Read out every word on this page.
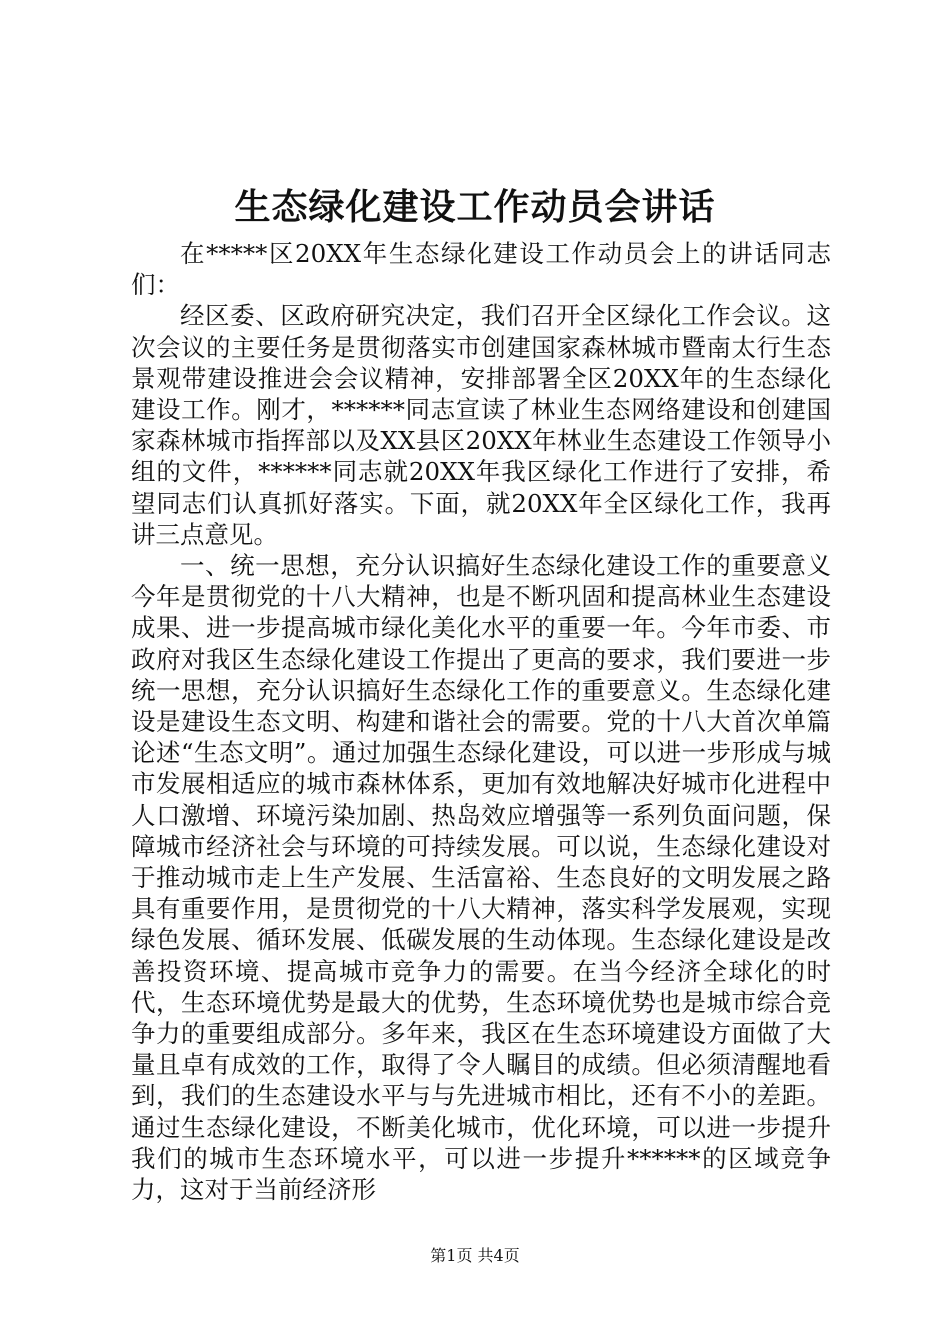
生态绿化建设工作动员会讲话

在*****区20XX年生态绿化建设工作动员会上的讲话同志们：

经区委、区政府研究决定，我们召开全区绿化工作会议。这次会议的主要任务是贯彻落实市创建国家森林城市暨南太行生态景观带建设推进会会议精神，安排部署全区20XX年的生态绿化建设工作。刚才，******同志宣读了林业生态网络建设和创建国家森林城市指挥部以及XX县区20XX年林业生态建设工作领导小组的文件，******同志就20XX年我区绿化工作进行了安排，希望同志们认真抓好落实。下面，就20XX年全区绿化工作，我再讲三点意见。

一、统一思想，充分认识搞好生态绿化建设工作的重要意义今年是贯彻党的十八大精神，也是不断巩固和提高林业生态建设成果、进一步提高城市绿化美化水平的重要一年。今年市委、市政府对我区生态绿化建设工作提出了更高的要求，我们要进一步统一思想，充分认识搞好生态绿化工作的重要意义。生态绿化建设是建设生态文明、构建和谐社会的需要。党的十八大首次单篇论述“生态文明”。通过加强生态绿化建设，可以进一步形成与城市发展相适应的城市森林体系，更加有效地解决好城市化进程中人口激增、环境污染加剧、热岛效应增强等一系列负面问题，保障城市经济社会与环境的可持续发展。可以说，生态绿化建设对于推动城市走上生产发展、生活富裕、生态良好的文明发展之路具有重要作用，是贯彻党的十八大精神，落实科学发展观，实现绿色发展、循环发展、低碳发展的生动体现。生态绿化建设是改善投资环境、提高城市竞争力的需要。在当今经济全球化的时代，生态环境优势是最大的优势，生态环境优势也是城市综合竞争力的重要组成部分。多年来，我区在生态环境建设方面做了大量且卓有成效的工作，取得了令人瞩目的成绩。但必须清醒地看到，我们的生态建设水平与与先进城市相比，还有不小的差距。通过生态绿化建设，不断美化城市，优化环境，可以进一步提升我们的城市生态环境水平，可以进一步提升******的区域竞争力，这对于当前经济形

第1页 共4页
